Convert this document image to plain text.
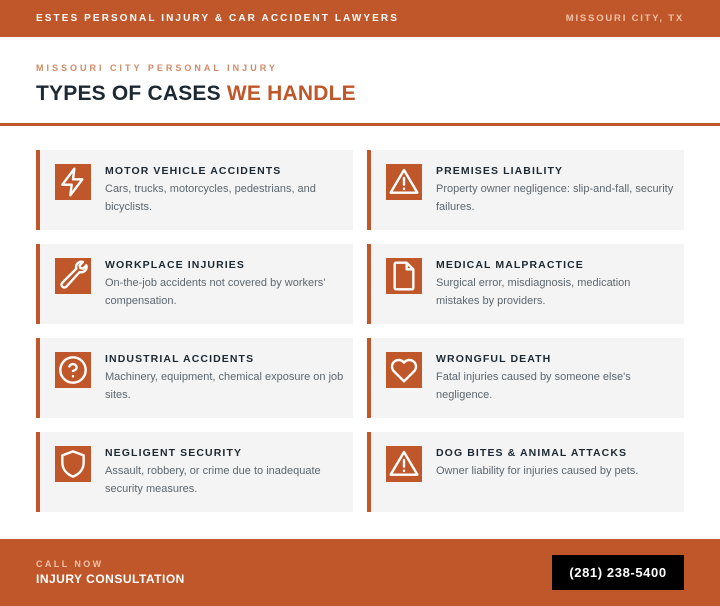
ESTES PERSONAL INJURY & CAR ACCIDENT LAWYERS	MISSOURI CITY, TX
MISSOURI CITY PERSONAL INJURY
TYPES OF CASES WE HANDLE
MOTOR VEHICLE ACCIDENTS
Cars, trucks, motorcycles, pedestrians, and bicyclists.
PREMISES LIABILITY
Property owner negligence: slip-and-fall, security failures.
WORKPLACE INJURIES
On-the-job accidents not covered by workers' compensation.
MEDICAL MALPRACTICE
Surgical error, misdiagnosis, medication mistakes by providers.
INDUSTRIAL ACCIDENTS
Machinery, equipment, chemical exposure on job sites.
WRONGFUL DEATH
Fatal injuries caused by someone else's negligence.
NEGLIGENT SECURITY
Assault, robbery, or crime due to inadequate security measures.
DOG BITES & ANIMAL ATTACKS
Owner liability for injuries caused by pets.
CALL NOW
INJURY CONSULTATION	(281) 238-5400
